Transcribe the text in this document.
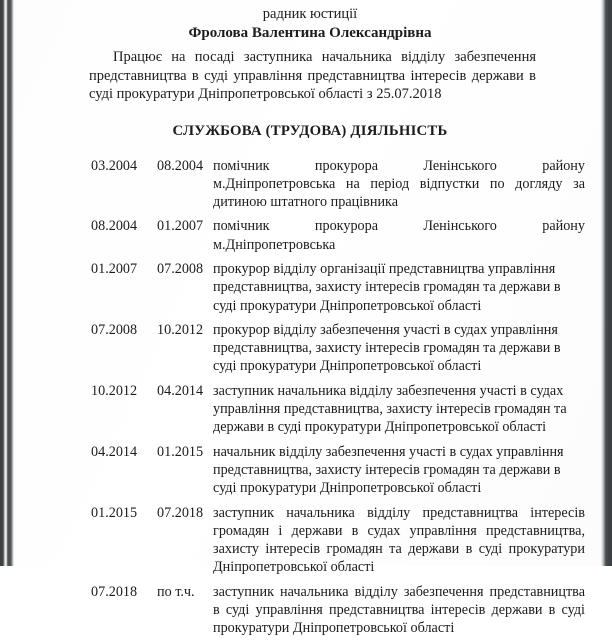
радник юстиції
Фролова Валентина Олександрівна

Працює на посаді заступника начальника відділу забезпечення представництва в суді управління представництва інтересів держави в суді прокуратури Дніпропетровської області з 25.07.2018

СЛУЖБОВА (ТРУДОВА) ДІЯЛЬНІСТЬ
03.2004	08.2004	помічник прокурора Ленінського району м.Дніпропетровська на період відпустки по догляду за дитиною штатного працівника
08.2004	01.2007	помічник прокурора Ленінського району м.Дніпропетровська
01.2007	07.2008	прокурор відділу організації представництва управління представництва, захисту інтересів громадян та держави в суді прокуратури Дніпропетровської області
07.2008	10.2012	прокурор відділу забезпечення участі в судах управління представництва, захисту інтересів громадян та держави в суді прокуратури Дніпропетровської області
10.2012	04.2014	заступник начальника відділу забезпечення участі в судах управління представництва, захисту інтересів громадян та держави в суді прокуратури Дніпропетровської області
04.2014	01.2015	начальник відділу забезпечення участі в судах управління представництва, захисту інтересів громадян та держави в суді прокуратури Дніпропетровської області
01.2015	07.2018	заступник начальника відділу представництва інтересів громадян і держави в судах управління представництва, захисту інтересів громадян та держави в суді прокуратури Дніпропетровської області
07.2018	по т.ч.	заступник начальника відділу забезпечення представництва в суді управління представництва інтересів держави в суді прокуратури Дніпропетровської області
